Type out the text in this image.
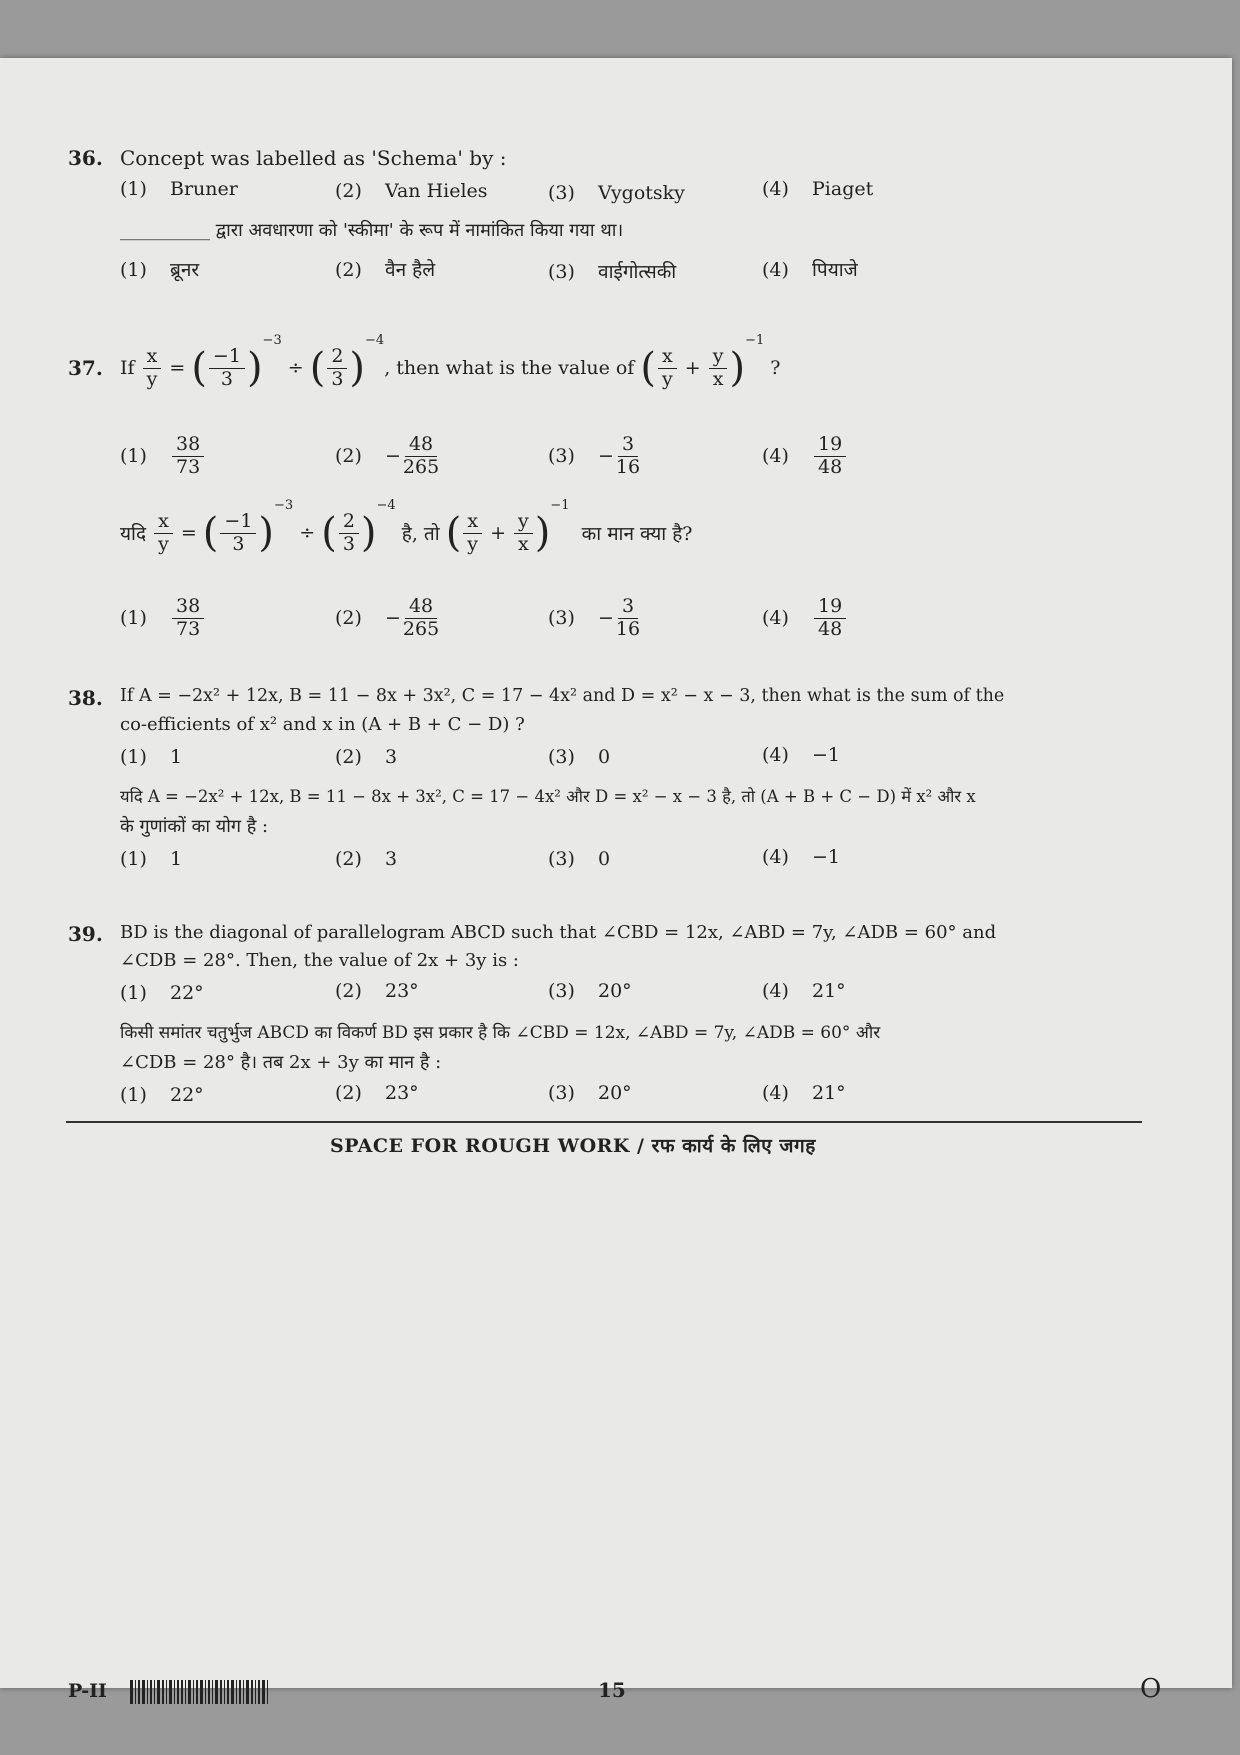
36. Concept was labelled as 'Schema' by :
(1) Bruner	(2) Van Hieles	(3) Vygotsky	(4) Piaget
__________ द्वारा अवधारणा को 'स्कीमा' के रूप में नामांकित किया गया था।
(1) ब्रूनर	(2) वैन हैले	(3) वाईगोत्सकी	(4) पियाजे
37. If
$\frac{x}{y}$ = ( $\frac{-1}{3}$ )
$^{-3}$
÷ ( $\frac{2}{3}$ )
$^{-4}$
, then what is the value of
( $\frac{x}{y} + \frac{y}{x}$ )
$^{-1}$

?
(1)	$\frac{38}{73}$	(2)	− $\frac{48}{265}$	(3)	− $\frac{3}{16}$	(4)	$\frac{19}{48}$
यदि
$\frac{x}{y}$ = ( $\frac{-1}{3}$ )
$^{-3}$
÷ ( $\frac{2}{3}$ )
$^{-4}$

है, तो
( $\frac{x}{y} + \frac{y}{x}$ )
$^{-1}$

का मान क्या है?
(1)	$\frac{38}{73}$	(2)	− $\frac{48}{265}$	(3)	− $\frac{3}{16}$	(4)	$\frac{19}{48}$
38. If A = −2x² + 12x, B = 11 − 8x + 3x², C = 17 − 4x² and D = x² − x − 3, then what is the sum of the
co-efficients of x² and x in (A + B + C − D) ?
(1) 1	(2) 3	(3) 0	(4) −1
यदि A = −2x² + 12x, B = 11 − 8x + 3x², C = 17 − 4x² और D = x² − x − 3 है, तो (A + B + C − D) में x² और x
के गुणांकों का योग है :
(1) 1	(2) 3	(3) 0	(4) −1
39. BD is the diagonal of parallelogram ABCD such that ∠CBD = 12x, ∠ABD = 7y, ∠ADB = 60° and
∠CDB = 28°. Then, the value of 2x + 3y is :
(1) 22°	(2) 23°	(3) 20°	(4) 21°
किसी समांतर चतुर्भुज ABCD का विकर्ण BD इस प्रकार है कि ∠CBD = 12x, ∠ABD = 7y, ∠ADB = 60° और
∠CDB = 28° है। तब 2x + 3y का मान है :
(1) 22°	(2) 23°	(3) 20°	(4) 21°
SPACE FOR ROUGH WORK / रफ कार्य के लिए जगह
P-II	15	O
